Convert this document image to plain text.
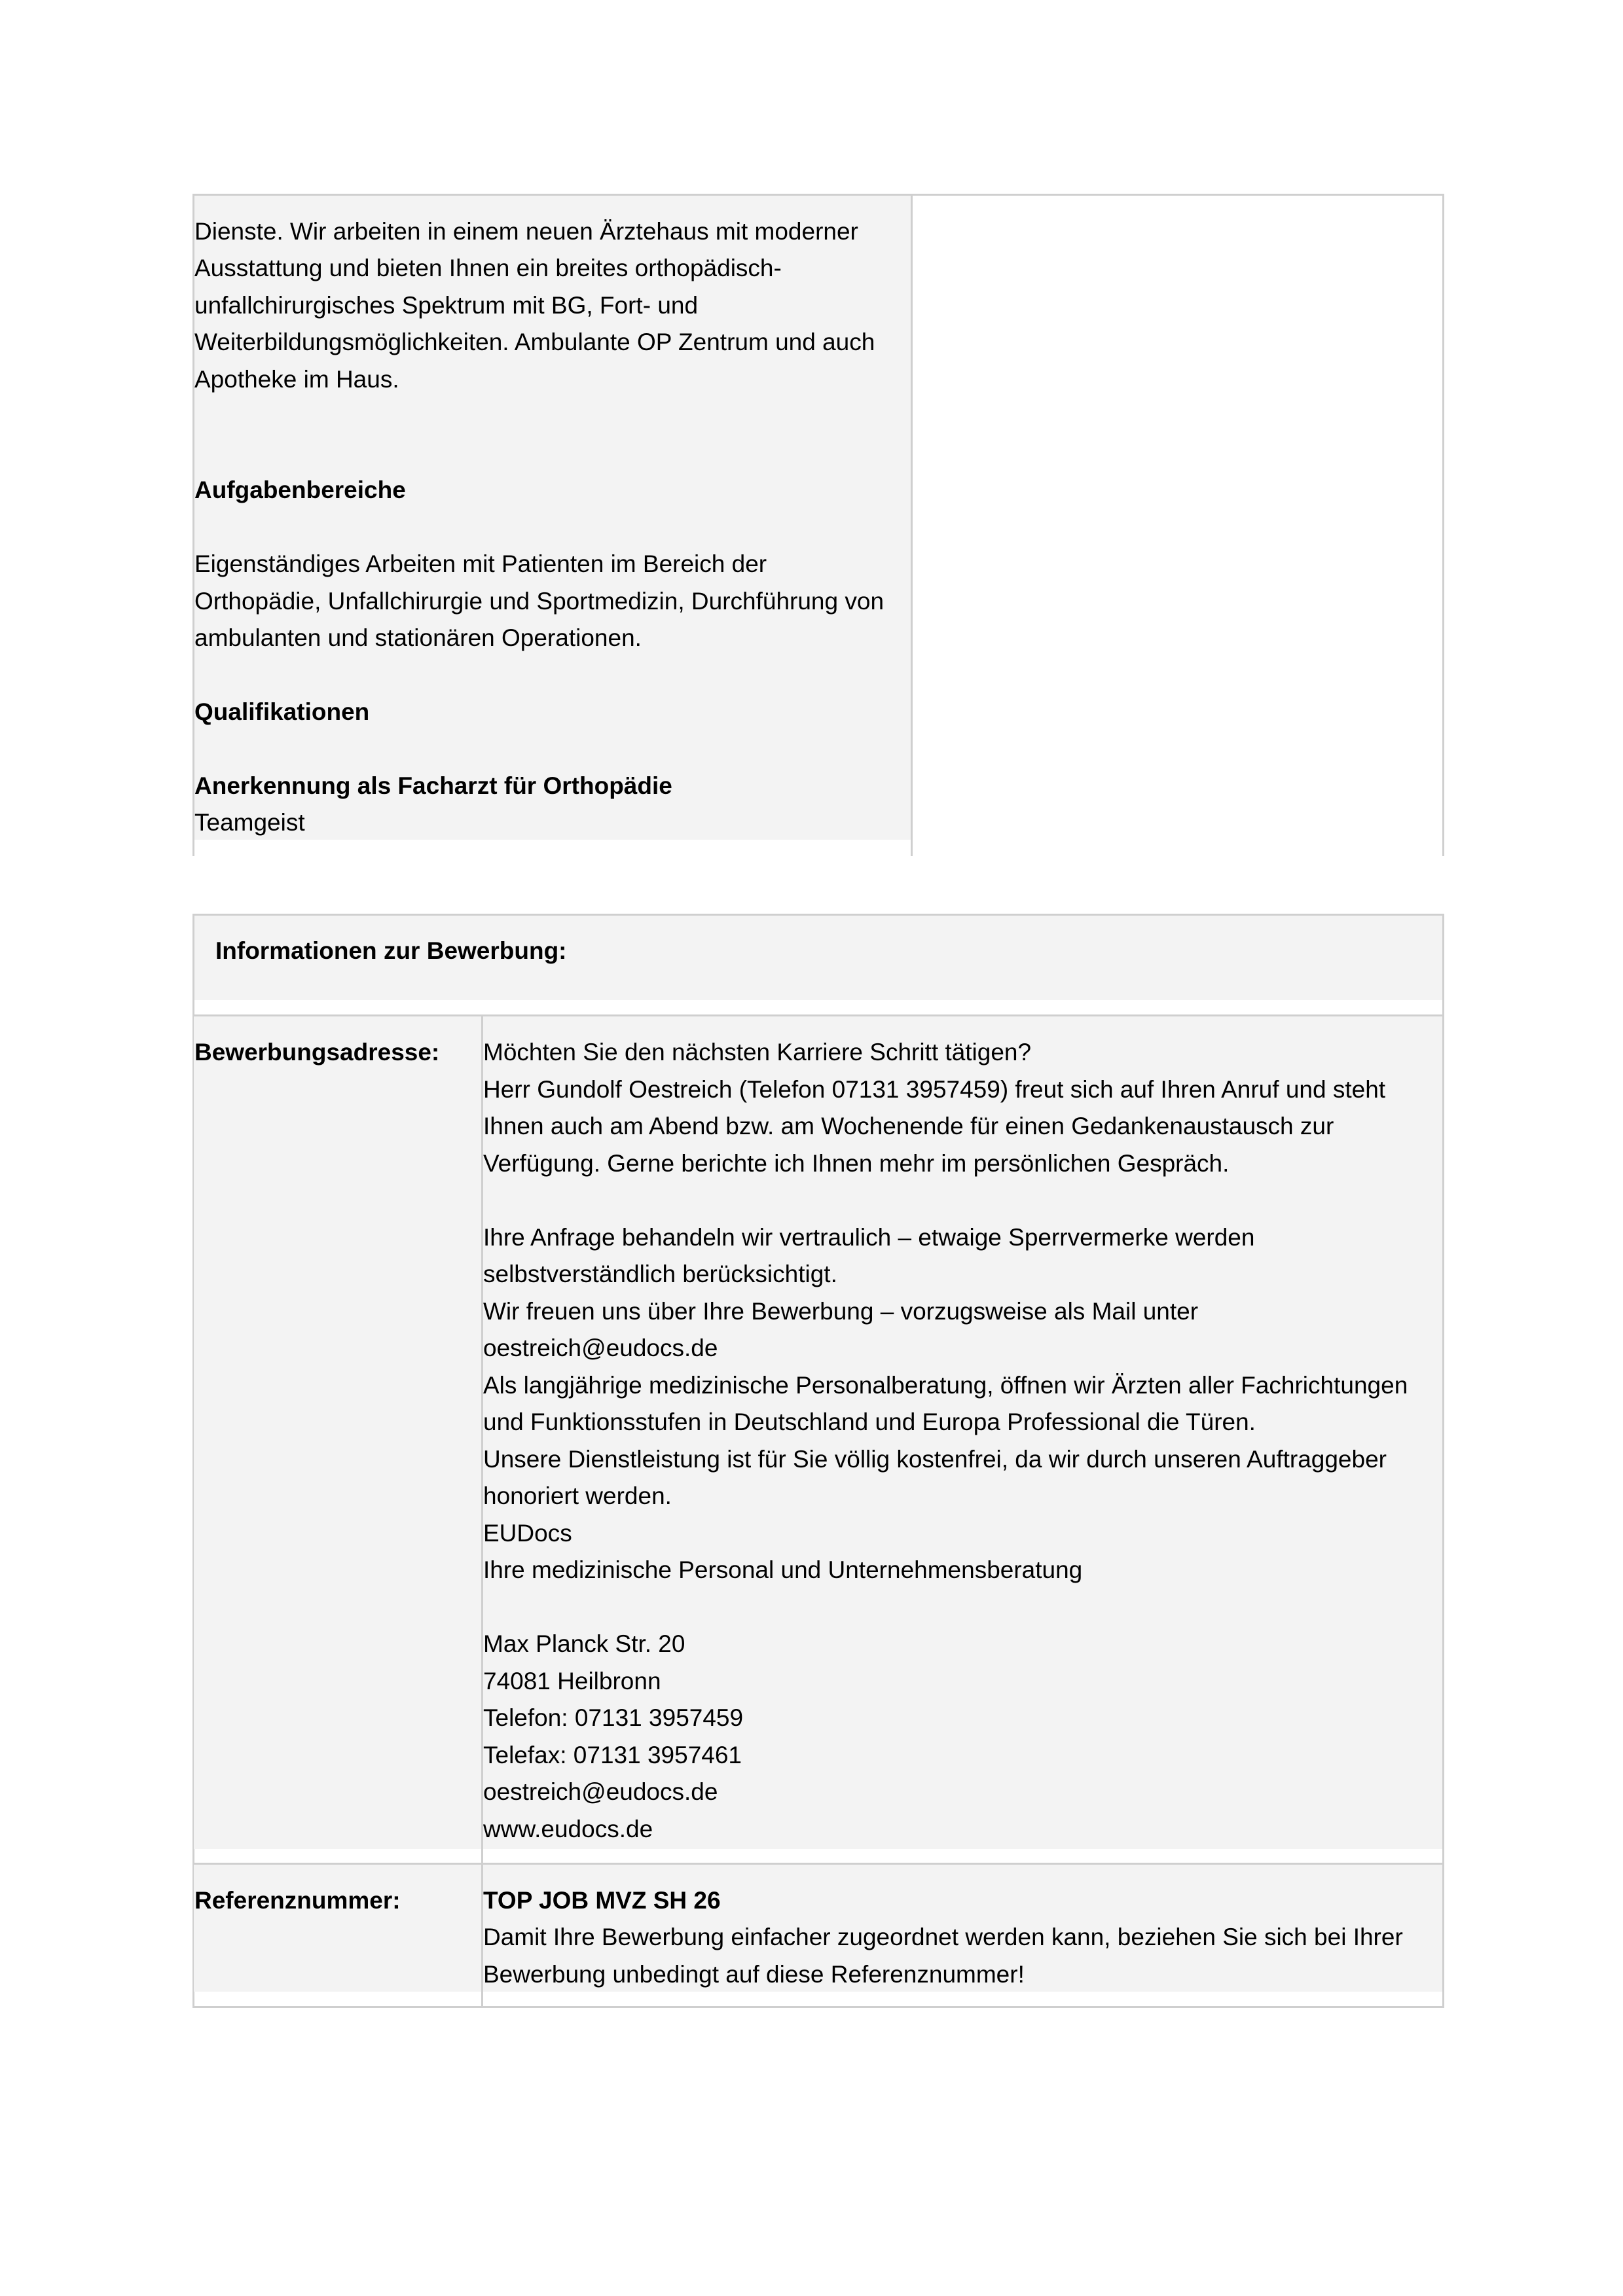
Dienste. Wir arbeiten in einem neuen Ärztehaus mit moderner
Ausstattung und bieten Ihnen ein breites orthopädisch-
unfallchirurgisches Spektrum mit BG, Fort- und
Weiterbildungsmöglichkeiten. Ambulante OP Zentrum und auch
Apotheke im Haus.
Aufgabenbereiche
Eigenständiges Arbeiten mit Patienten im Bereich der
Orthopädie, Unfallchirurgie und Sportmedizin, Durchführung von
ambulanten und stationären Operationen.
Qualifikationen
Anerkennung als Facharzt für Orthopädie
Teamgeist
Informationen zur Bewerbung:
Bewerbungsadresse: Möchten Sie den nächsten Karriere Schritt tätigen?
Herr Gundolf Oestreich (Telefon 07131 3957459) freut sich auf Ihren Anruf und steht
Ihnen auch am Abend bzw. am Wochenende für einen Gedankenaustausch zur
Verfügung. Gerne berichte ich Ihnen mehr im persönlichen Gespräch.
Ihre Anfrage behandeln wir vertraulich – etwaige Sperrvermerke werden
selbstverständlich berücksichtigt.
Wir freuen uns über Ihre Bewerbung – vorzugsweise als Mail unter
oestreich@eudocs.de
Als langjährige medizinische Personalberatung, öffnen wir Ärzten aller Fachrichtungen
und Funktionsstufen in Deutschland und Europa Professional die Türen.
Unsere Dienstleistung ist für Sie völlig kostenfrei, da wir durch unseren Auftraggeber
honoriert werden.
EUDocs
Ihre medizinische Personal und Unternehmensberatung
Max Planck Str. 20
74081 Heilbronn
Telefon: 07131 3957459
Telefax: 07131 3957461
oestreich@eudocs.de
www.eudocs.de
Referenznummer:	TOP JOB MVZ SH 26
Damit Ihre Bewerbung einfacher zugeordnet werden kann, beziehen Sie sich bei Ihrer
Bewerbung unbedingt auf diese Referenznummer!
